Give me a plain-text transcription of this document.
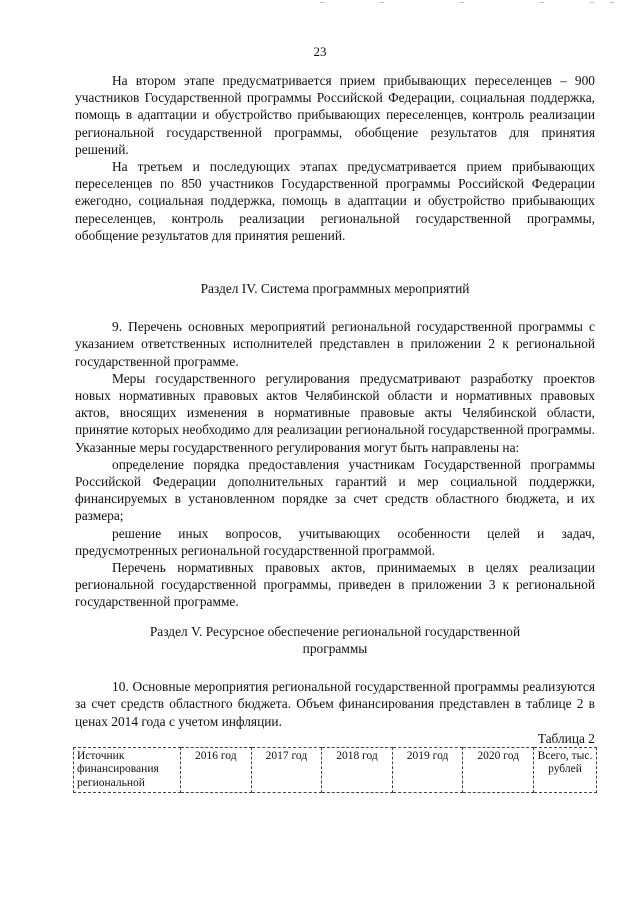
23

На втором этапе предусматривается прием прибывающих переселенцев – 900 участников Государственной программы Российской Федерации, социальная поддержка, помощь в адаптации и обустройство прибывающих переселенцев, контроль реализации региональной государственной программы, обобщение результатов для принятия решений.

На третьем и последующих этапах предусматривается прием прибывающих переселенцев по 850 участников Государственной программы Российской Федерации ежегодно, социальная поддержка, помощь в адаптации и обустройство прибывающих переселенцев, контроль реализации региональной государственной программы, обобщение результатов для принятия решений.

Раздел IV. Система программных мероприятий

9. Перечень основных мероприятий региональной государственной программы с указанием ответственных исполнителей представлен в приложении 2 к региональной государственной программе.

Меры государственного регулирования предусматривают разработку проектов новых нормативных правовых актов Челябинской области и нормативных правовых актов, вносящих изменения в нормативные правовые акты Челябинской области, принятие которых необходимо для реализации региональной государственной программы. Указанные меры государственного регулирования могут быть направлены на:

определение порядка предоставления участникам Государственной программы Российской Федерации дополнительных гарантий и мер социальной поддержки, финансируемых в установленном порядке за счет средств областного бюджета, и их размера;

решение иных вопросов, учитывающих особенности целей и задач, предусмотренных региональной государственной программой.

Перечень нормативных правовых актов, принимаемых в целях реализации региональной государственной программы, приведен в приложении 3 к региональной государственной программе.

Раздел V. Ресурсное обеспечение региональной государственной
программы

10. Основные мероприятия региональной государственной программы реализуются за счет средств областного бюджета. Объем финансирования представлен в таблице 2 в ценах 2014 года с учетом инфляции.

Таблица 2
Источник финансирования региональной	2016 год	2017 год	2018 год	2019 год	2020 год	Всего, тыс. рублей
